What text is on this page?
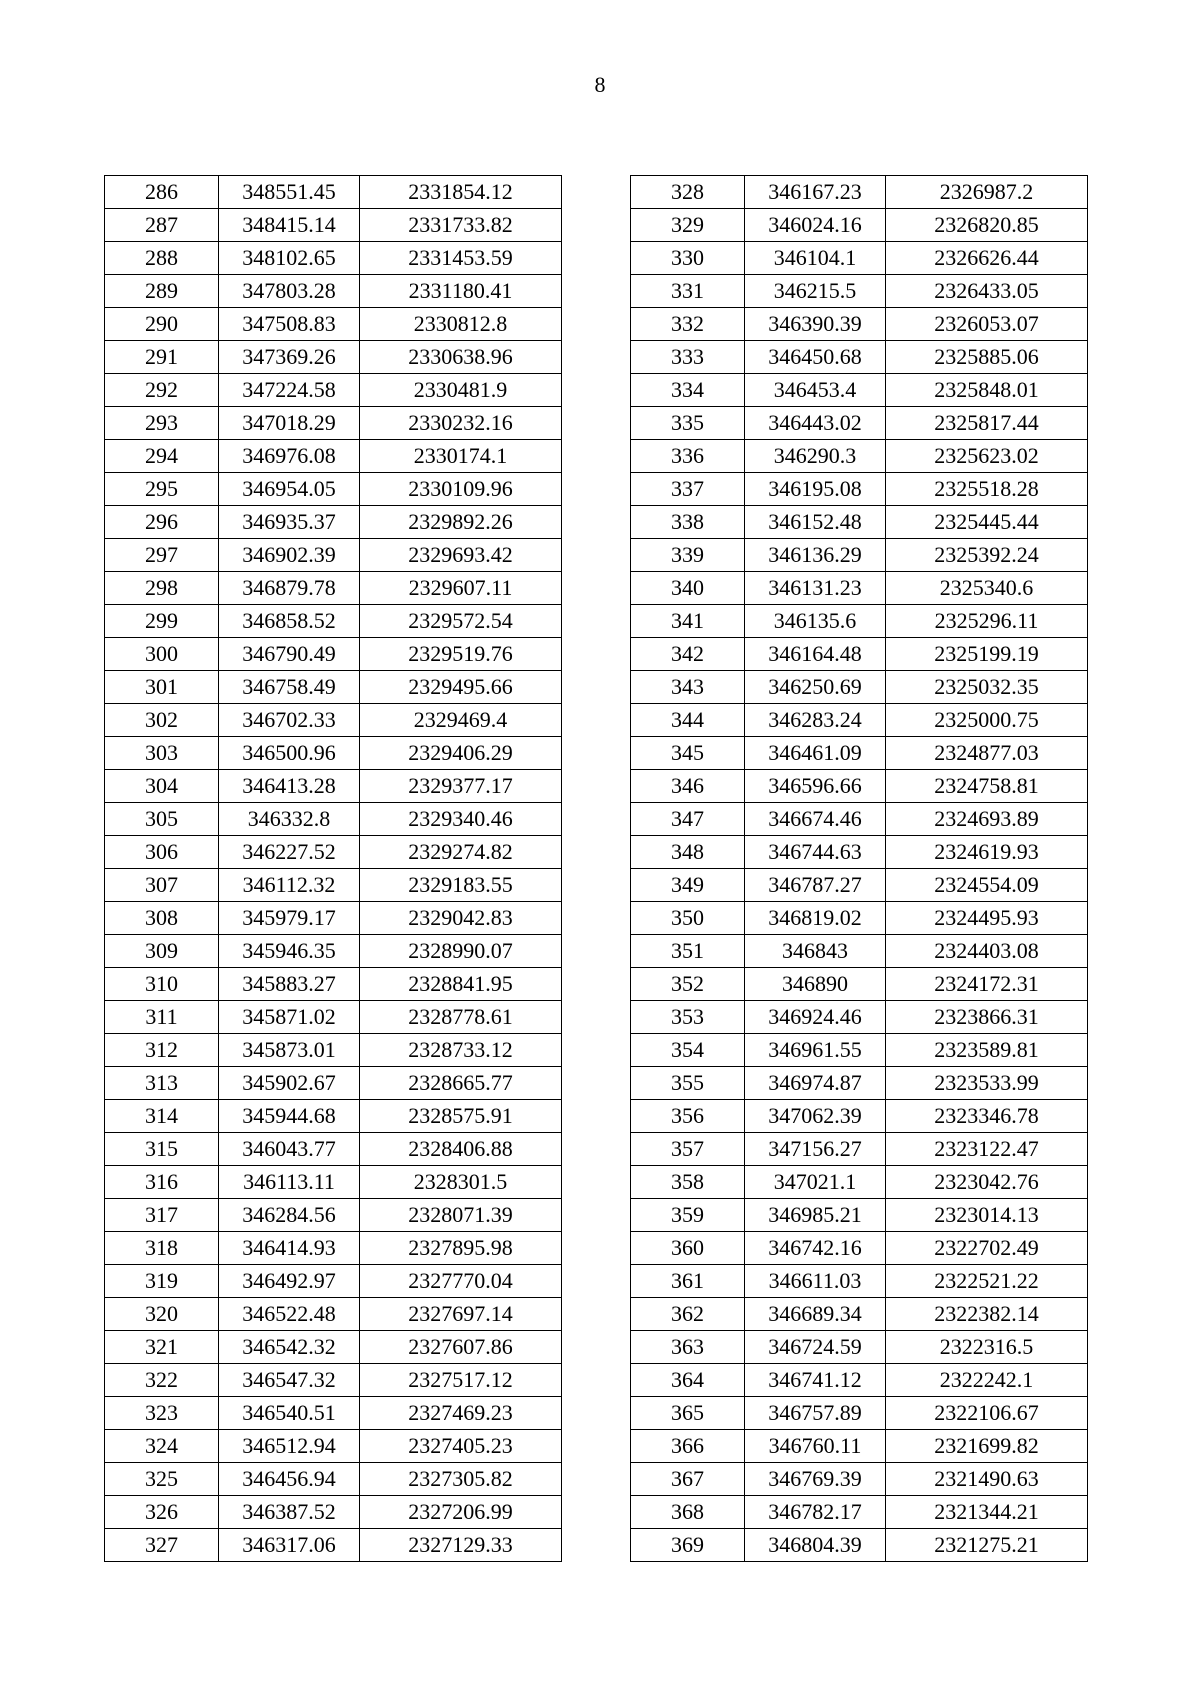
8
286	348551.45	2331854.12
287	348415.14	2331733.82
288	348102.65	2331453.59
289	347803.28	2331180.41
290	347508.83	2330812.8
291	347369.26	2330638.96
292	347224.58	2330481.9
293	347018.29	2330232.16
294	346976.08	2330174.1
295	346954.05	2330109.96
296	346935.37	2329892.26
297	346902.39	2329693.42
298	346879.78	2329607.11
299	346858.52	2329572.54
300	346790.49	2329519.76
301	346758.49	2329495.66
302	346702.33	2329469.4
303	346500.96	2329406.29
304	346413.28	2329377.17
305	346332.8	2329340.46
306	346227.52	2329274.82
307	346112.32	2329183.55
308	345979.17	2329042.83
309	345946.35	2328990.07
310	345883.27	2328841.95
311	345871.02	2328778.61
312	345873.01	2328733.12
313	345902.67	2328665.77
314	345944.68	2328575.91
315	346043.77	2328406.88
316	346113.11	2328301.5
317	346284.56	2328071.39
318	346414.93	2327895.98
319	346492.97	2327770.04
320	346522.48	2327697.14
321	346542.32	2327607.86
322	346547.32	2327517.12
323	346540.51	2327469.23
324	346512.94	2327405.23
325	346456.94	2327305.82
326	346387.52	2327206.99
327	346317.06	2327129.33
328	346167.23	2326987.2
329	346024.16	2326820.85
330	346104.1	2326626.44
331	346215.5	2326433.05
332	346390.39	2326053.07
333	346450.68	2325885.06
334	346453.4	2325848.01
335	346443.02	2325817.44
336	346290.3	2325623.02
337	346195.08	2325518.28
338	346152.48	2325445.44
339	346136.29	2325392.24
340	346131.23	2325340.6
341	346135.6	2325296.11
342	346164.48	2325199.19
343	346250.69	2325032.35
344	346283.24	2325000.75
345	346461.09	2324877.03
346	346596.66	2324758.81
347	346674.46	2324693.89
348	346744.63	2324619.93
349	346787.27	2324554.09
350	346819.02	2324495.93
351	346843	2324403.08
352	346890	2324172.31
353	346924.46	2323866.31
354	346961.55	2323589.81
355	346974.87	2323533.99
356	347062.39	2323346.78
357	347156.27	2323122.47
358	347021.1	2323042.76
359	346985.21	2323014.13
360	346742.16	2322702.49
361	346611.03	2322521.22
362	346689.34	2322382.14
363	346724.59	2322316.5
364	346741.12	2322242.1
365	346757.89	2322106.67
366	346760.11	2321699.82
367	346769.39	2321490.63
368	346782.17	2321344.21
369	346804.39	2321275.21
